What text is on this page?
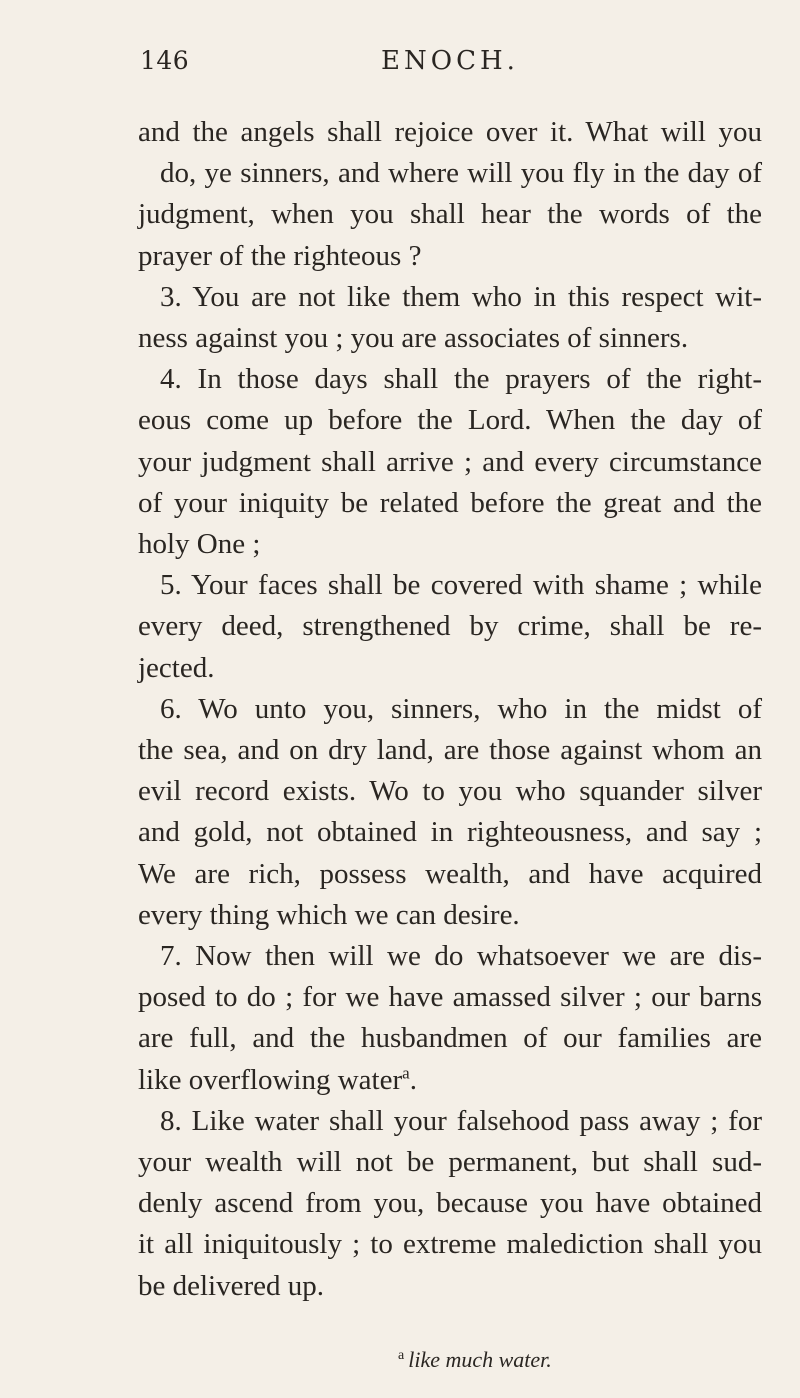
146	ENOCH.
and the angels shall rejoice over it. What will you
do, ye sinners, and where will you fly in the day of
judgment, when you shall hear the words of the
prayer of the righteous ?
3. You are not like them who in this respect wit-
ness against you ; you are associates of sinners.
4. In those days shall the prayers of the right-
eous come up before the Lord. When the day of
your judgment shall arrive ; and every circumstance
of your iniquity be related before the great and the
holy One ;
5. Your faces shall be covered with shame ; while
every deed, strengthened by crime, shall be re-
jected.
6. Wo unto you, sinners, who in the midst of
the sea, and on dry land, are those against whom an
evil record exists. Wo to you who squander silver
and gold, not obtained in righteousness, and say ;
We are rich, possess wealth, and have acquired
every thing which we can desire.
7. Now then will we do whatsoever we are dis-
posed to do ; for we have amassed silver ; our barns
are full, and the husbandmen of our families are
like overflowing water$^a$.
8. Like water shall your falsehood pass away ; for
your wealth will not be permanent, but shall sud-
denly ascend from you, because you have obtained
it all iniquitously ; to extreme malediction shall you
be delivered up.
$^a$ like much water.
